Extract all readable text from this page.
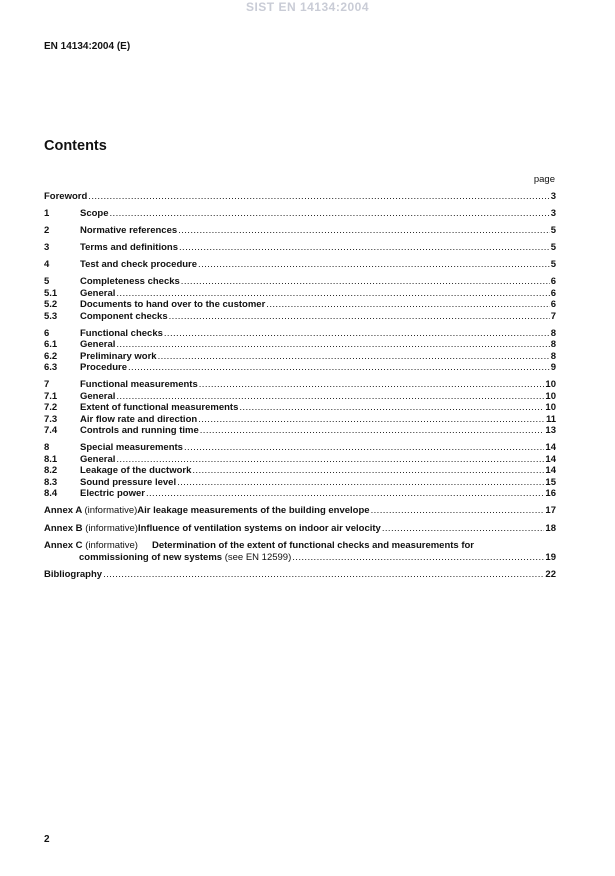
SIST EN 14134:2004
EN 14134:2004 (E)
Contents
page
Foreword .....	3
1	Scope .....	3
2	Normative references .....	5
3	Terms and definitions .....	5
4	Test and check procedure .....	5
5	Completeness checks .....	6
5.1	General .....	6
5.2	Documents to hand over to the customer .....	6
5.3	Component checks .....	7
6	Functional checks .....	8
6.1	General .....	8
6.2	Preliminary work .....	8
6.3	Procedure .....	9
7	Functional measurements .....	10
7.1	General .....	10
7.2	Extent of functional measurements .....	10
7.3	Air flow rate and direction .....	11
7.4	Controls and running time .....	13
8	Special measurements .....	14
8.1	General .....	14
8.2	Leakage of the ductwork .....	14
8.3	Sound pressure level .....	15
8.4	Electric power .....	16
Annex A (informative) Air leakage measurements of the building envelope .....	17
Annex B (informative) Influence of ventilation systems on indoor air velocity .....	18
Annex C (informative)	Determination of the extent of functional checks and measurements for
commissioning of new systems (see EN 12599) .....	19
Bibliography .....	22
2
